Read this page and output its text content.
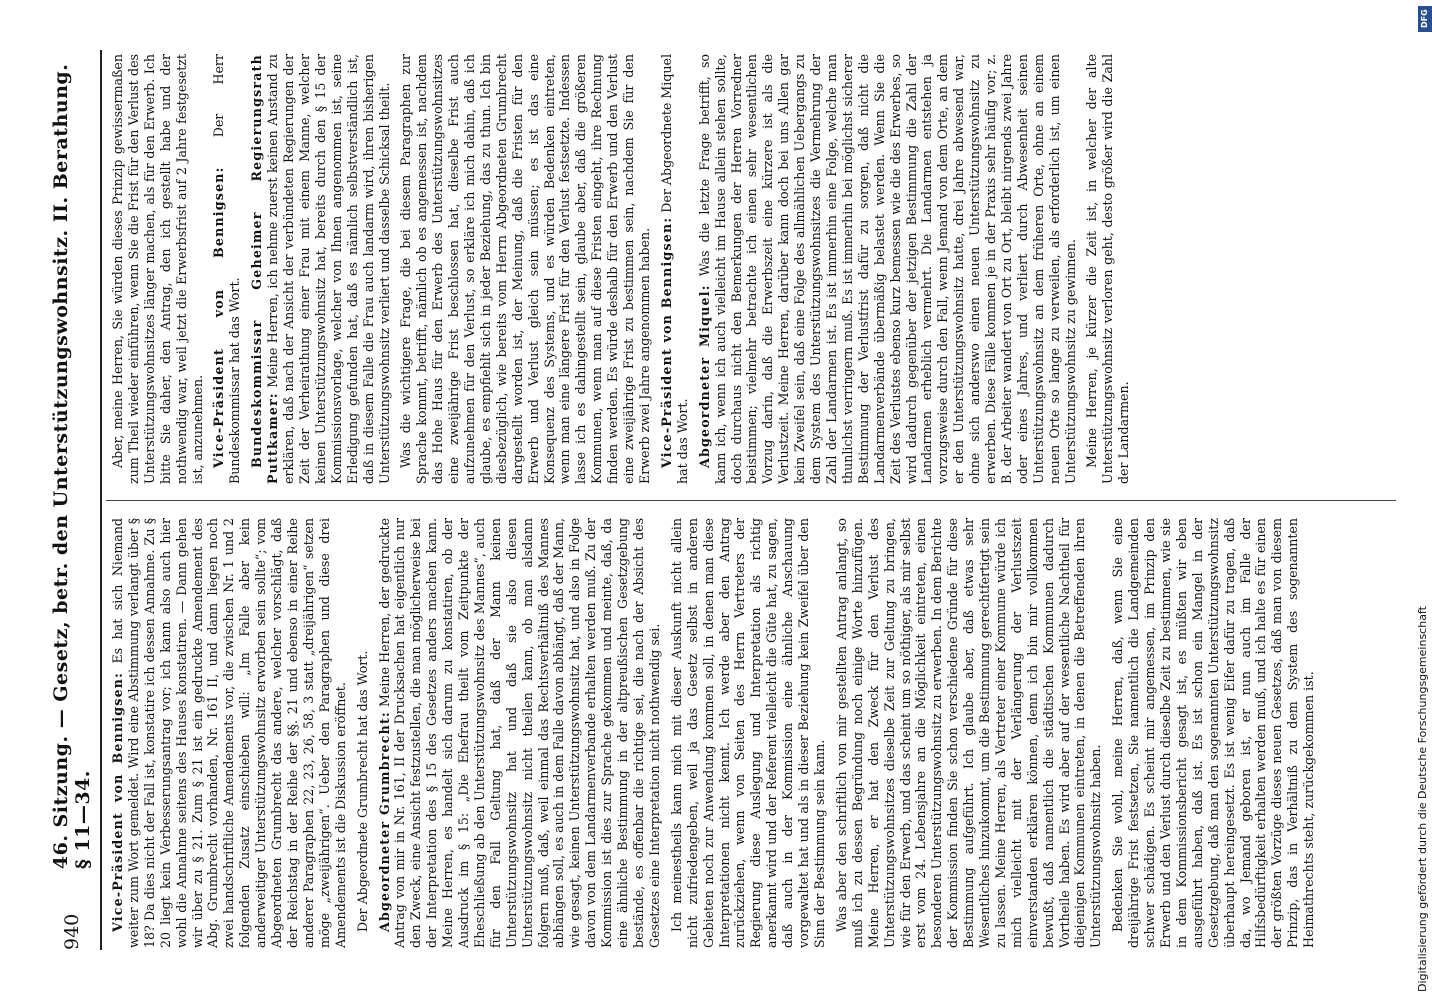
940
46. Sitzung. — Gesetz, betr. den Unterstützungswohnsitz. II. Berathung. § 11—34. Vice-Präsident von Bennigsen: Es hat sich Niemand weiter zum Wort gemeldet. Wird eine Abstimmung verlangt über § 18? Da dies nicht der Fall ist, konstatire ich dessen Annahme. Zu § 20 liegt kein Verbesserungsantrag vor; ich kann also auch hier wohl die Annahme seitens des Hauses konstatiren. — Dann gehen wir über zu § 21. Zum § 21 ist ein gedruckte Amendement des Abg. Grumbrecht vorhanden, Nr. 161 II, und dann liegen noch zwei handschriftliche Amendements vor, die zwischen Nr. 1 und 2 folgenden Zusatz einschieben will: „Im Falle aber kein anderweitiger Unterstützungswohnsitz erworben sein sollte“; vom Abgeordneten Grumbrecht das andere, welcher vorschlägt, daß der Reichstag in der Reihe der §§. 21 und ebenso in einer Reihe anderer Paragraphen 22, 23, 26, 58, 3 statt „dreijährigen“ setzen möge „zweijährigen“. Ueber den Paragraphen und diese drei Amendements ist die Diskussion eröffnet. Der Abgeordnete Grumbrecht hat das Wort. Abgeordneter Grumbrecht: Meine Herren, der gedruckte Antrag von mir in Nr. 161, II der Drucksachen hat eigentlich nur den Zweck, eine Ansicht festzustellen, die man möglicherweise bei der Interpretation des § 15 des Gesetzes anders machen kann. Meine Herren, es handelt sich darum zu konstatiren, ob der Ausdruck im § 15: „Die Ehefrau theilt vom Zeitpunkte der Eheschließung ab den Unterstützungswohnsitz des Mannes“, auch für den Fall Geltung hat, daß der Mann keinen Unterstützungswohnsitz hat und daß sie also diesen Unterstützungswohnsitz nicht theilen kann, ob man alsdann folgern muß, daß, weil einmal das Rechtsverhältniß des Mannes abhängen soll, es auch in dem Falle davon abhängt, daß der Mann, wie gesagt, keinen Unterstützungswohnsitz hat, und also in Folge davon von dem Landarmenverbande erhalten werden muß. Zu der Kommission ist dies zur Sprache gekommen und meinte, daß, da eine ähnliche Bestimmung in der altpreußischen Gesetzgebung bestände, es offenbar die richtige sei, die nach der Absicht des Gesetzes eine Interpretation nicht nothwendig sei. Ich meinestheils kann mich mit dieser Auskunft nicht allein nicht zufriedengeben, weil ja das Gesetz selbst in anderen Gebieten noch zur Anwendung kommen soll, in denen man diese Interpretationen nicht kennt. Ich werde aber den Antrag zurückziehen, wenn von Seiten des Herrn Vertreters der Regierung diese Auslegung und Interpretation als richtig anerkannt wird und der Referent vielleicht die Güte hat, zu sagen, daß auch in der Kommission eine ähnliche Anschauung vorgewaltet hat und als in dieser Beziehung kein Zweifel über den Sinn der Bestimmung sein kann. Was aber den schriftlich von mir gestellten Antrag anlangt, so muß ich zu dessen Begründung noch einige Worte hinzufügen. Meine Herren, er hat den Zweck für den Verlust des Unterstützungswohnsitzes dieselbe Zeit zur Geltung zu bringen, wie für den Erwerb, und das scheint um so nöthiger, als mir selbst erst vom 24. Lebensjahre an die Möglichkeit eintreten, einen besonderen Unterstützungswohnsitz zu erwerben. In dem Berichte der Kommission finden Sie schon verschiedene Gründe für diese Bestimmung aufgeführt. Ich glaube aber, daß etwas sehr Wesentliches hinzukommt, um die Bestimmung gerechtfertigt sein zu lassen. Meine Herren, als Vertreter einer Kommune würde ich mich vielleicht mit der Verlängerung der Verlustszeit einverstanden erklären können, denn ich bin mir vollkommen bewußt, daß namentlich die städtischen Kommunen dadurch Vortheile haben. Es wird aber auf der wesentliche Nachtheil für diejenigen Kommunen eintreten, in denen die Betreffenden ihren Unterstützungswohnsitz haben. Bedenken Sie wohl, meine Herren, daß, wenn Sie eine dreijährige Frist festsetzen, Sie namentlich die Landgemeinden schwer schädigen. Es scheint mir angemessen, im Prinzip den Erwerb und den Verlust durch dieselbe Zeit zu bestimmen, wie sie in dem Kommissionsbericht gesagt ist, es müßten wir eben ausgeführt haben, daß ist. Es ist schon ein Mangel in der Gesetzgebung, daß man den sogenannten Unterstützungswohnsitz überhaupt hereingesetzt. Es ist wenig Eifer dafür zu tragen, daß da, wo Jemand geboren ist, er nun auch im Falle der Hilfsbedürftigkeit erhalten werden muß, und ich halte es für einen der größten Vorzüge dieses neuen Gesetzes, daß man von diesem Prinzip, das in Verhältniß zu dem System des sogenannten Heimathrechts steht, zurückgekommen ist.

Aber, meine Herren, Sie würden dieses Prinzip gewissermaßen zum Theil wieder einführen, wenn Sie die Frist für den Verlust des Unterstützungswohnsitzes länger machen, als für den Erwerb. Ich bitte Sie daher, den Antrag, den ich gestellt habe und der nothwendig war, weil jetzt die Erwerbsfrist auf 2 Jahre festgesetzt ist, anzunehmen. Vice-Präsident von Bennigsen: Der Herr Bundeskommissar hat das Wort. Bundeskommissar Geheimer Regierungsrath Puttkamer: Meine Herren, ich nehme zuerst keinen Anstand zu erklären, daß nach der Ansicht der verbündeten Regierungen der Zeit der Verheirathung einer Frau mit einem Manne, welcher keinen Unterstützungswohnsitz hat, bereits durch den § 15 der Kommissionsvorlage, welcher von Ihnen angenommen ist, seine Erledigung gefunden hat, daß es nämlich selbstverständlich ist, daß in diesem Falle die Frau auch landarm wird, ihren bisherigen Unterstützungswohnsitz verliert und dasselbe Schicksal theilt. Was die wichtigere Frage, die bei diesem Paragraphen zur Sprache kommt, betrifft, nämlich ob es angemessen ist, nachdem das Hohe Haus für den Erwerb des Unterstützungswohnsitzes eine zweijährige Frist beschlossen hat, dieselbe Frist auch aufzunehmen für den Verlust, so erkläre ich mich dahin, daß ich glaube, es empfiehlt sich in jeder Beziehung, das zu thun. Ich bin diesbezüglich, wie bereits vom Herrn Abgeordneten Grumbrecht dargestellt worden ist, der Meinung, daß die Fristen für den Erwerb und Verlust gleich sein müssen; es ist das eine Konsequenz des Systems, und es würden Bedenken eintreten, wenn man eine längere Frist für den Verlust festsetzte. Indessen lasse ich es dahingestellt sein, glaube aber, daß die größeren Kommunen, wenn man auf diese Fristen eingeht, ihre Rechnung finden werden. Es würde deshalb für den Erwerb und den Verlust eine zweijährige Frist zu bestimmen sein, nachdem Sie für den Erwerb zwei Jahre angenommen haben. Vice-Präsident von Bennigsen: Der Abgeordnete Miquel hat das Wort. Abgeordneter Miquel: Was die letzte Frage betrifft, so kann ich, wenn ich auch vielleicht im Hause allein stehen sollte, doch durchaus nicht den Bemerkungen der Herren Vorredner beistimmen; vielmehr betrachte ich einen sehr wesentlichen Vorzug darin, daß die Erwerbszeit eine kürzere ist als die Verlustzeit. Meine Herren, darüber kann doch bei uns Allen gar kein Zweifel sein, daß eine Folge des allmählichen Uebergangs zu dem System des Unterstützungswohnsitzes die Vermehrung der Zahl der Landarmen ist. Es ist immerhin eine Folge, welche man thunlichst verringern muß. Es ist immerhin bei möglichst sicherer Bestimmung der Verlustfrist dafür zu sorgen, daß nicht die Landarmenverbände übermäßig belastet werden. Wenn Sie die Zeit des Verlustes ebenso kurz bemessen wie die des Erwerbes, so wird dadurch gegenüber der jetzigen Bestimmung die Zahl der Landarmen erheblich vermehrt. Die Landarmen entstehen ja vorzugsweise durch den Fall, wenn Jemand von dem Orte, an dem er den Unterstützungswohnsitz hatte, drei Jahre abwesend war, ohne sich anderswo einen neuen Unterstützungswohnsitz zu erwerben. Diese Fälle kommen je in der Praxis sehr häufig vor; z. B. der Arbeiter wandert von Ort zu Ort, bleibt nirgends zwei Jahre oder eines Jahres, und verliert durch Abwesenheit seinen Unterstützungswohnsitz an dem früheren Orte, ohne an einem neuen Orte so lange zu verweilen, als erforderlich ist, um einen Unterstützungswohnsitz zu gewinnen. Meine Herren, je kürzer die Zeit ist, in welcher der alte Unterstützungswohnsitz verloren geht, desto größer wird die Zahl der Landarmen.

Digitalisierung gefördert durch die Deutsche Forschungsgemeinschaft
DFG
